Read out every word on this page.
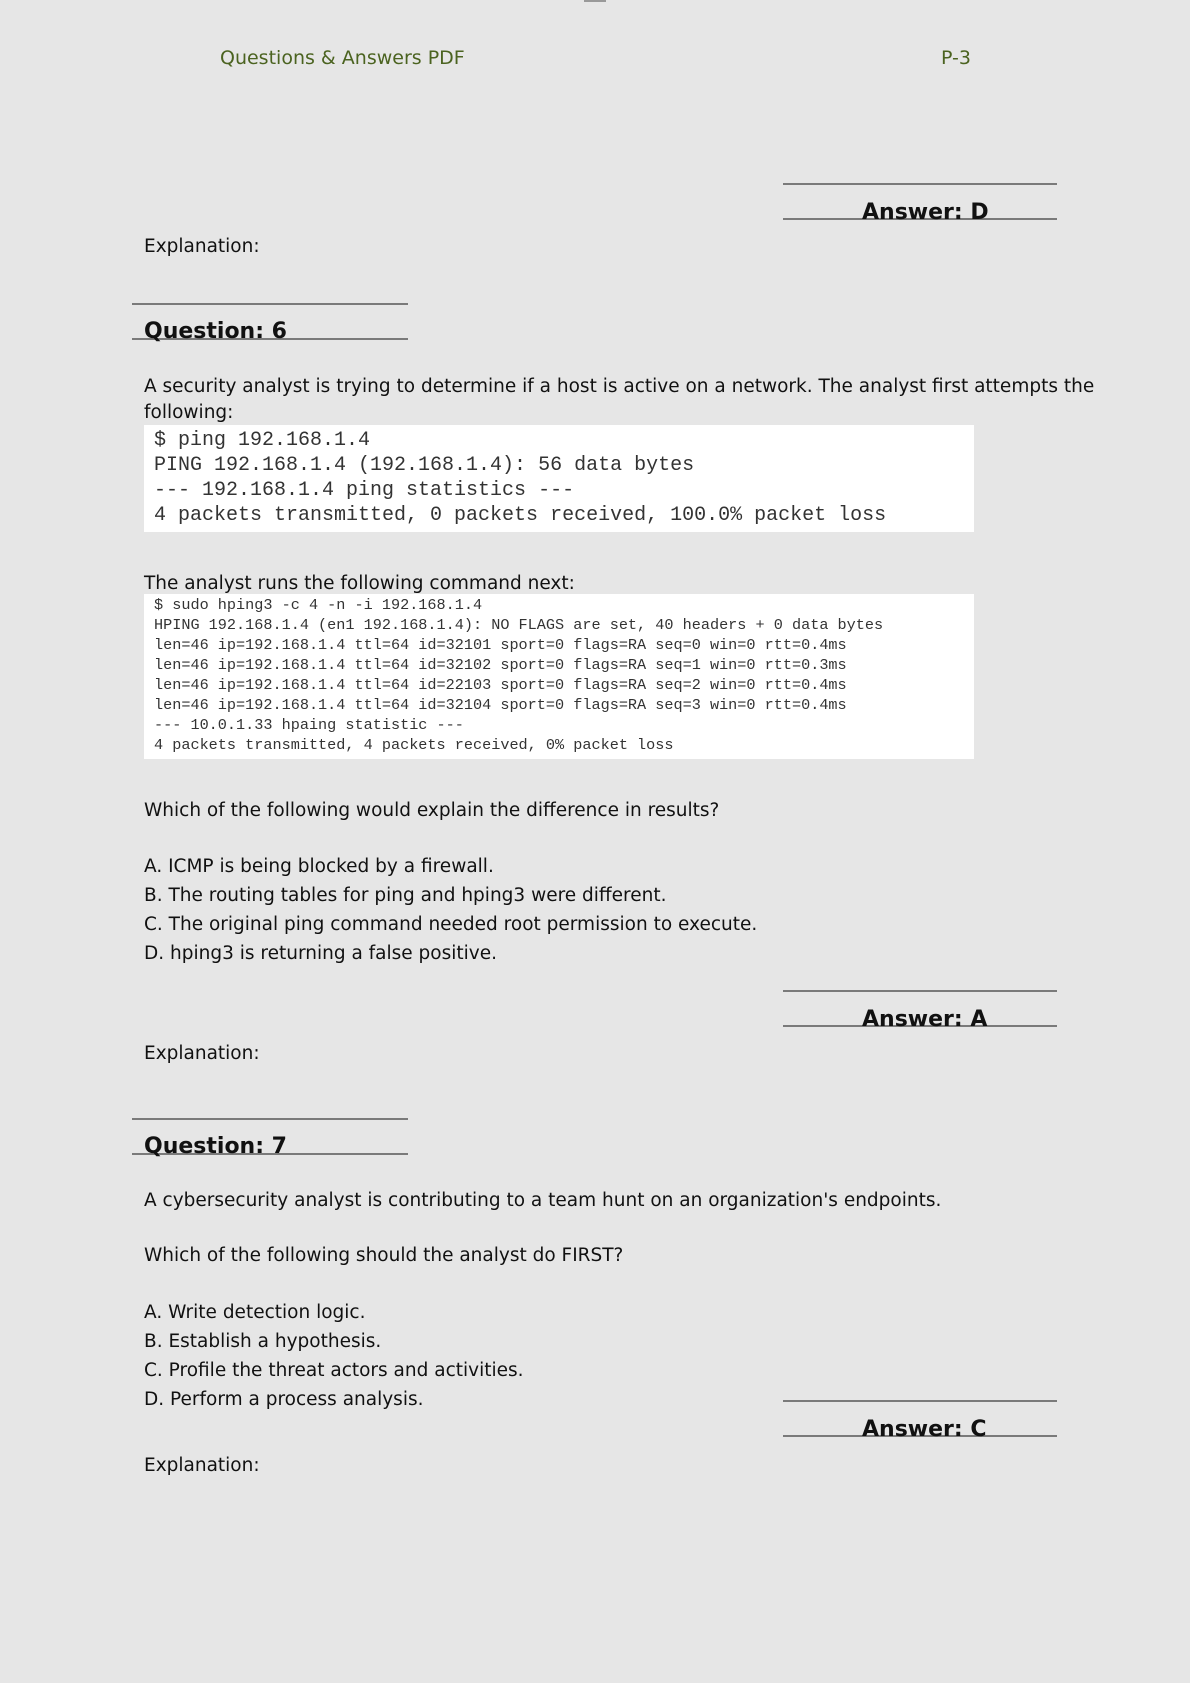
Questions & Answers PDF	P-3
Answer: D
Explanation:
Question: 6
A security analyst is trying to determine if a host is active on a network. The analyst first attempts the
following:
$ ping 192.168.1.4
PING 192.168.1.4 (192.168.1.4): 56 data bytes
--- 192.168.1.4 ping statistics ---
4 packets transmitted, 0 packets received, 100.0% packet loss
The analyst runs the following command next:
$ sudo hping3 -c 4 -n -i 192.168.1.4
HPING 192.168.1.4 (en1 192.168.1.4): NO FLAGS are set, 40 headers + 0 data bytes
len=46 ip=192.168.1.4 ttl=64 id=32101 sport=0 flags=RA seq=0 win=0 rtt=0.4ms
len=46 ip=192.168.1.4 ttl=64 id=32102 sport=0 flags=RA seq=1 win=0 rtt=0.3ms
len=46 ip=192.168.1.4 ttl=64 id=22103 sport=0 flags=RA seq=2 win=0 rtt=0.4ms
len=46 ip=192.168.1.4 ttl=64 id=32104 sport=0 flags=RA seq=3 win=0 rtt=0.4ms
--- 10.0.1.33 hpaing statistic ---
4 packets transmitted, 4 packets received, 0% packet loss
Which of the following would explain the difference in results?
A. ICMP is being blocked by a firewall.
B. The routing tables for ping and hping3 were different.
C. The original ping command needed root permission to execute.
D. hping3 is returning a false positive.
Answer: A
Explanation:
Question: 7
A cybersecurity analyst is contributing to a team hunt on an organization's endpoints.
Which of the following should the analyst do FIRST?
A. Write detection logic.
B. Establish a hypothesis.
C. Profile the threat actors and activities.
D. Perform a process analysis.
Answer: C
Explanation:
